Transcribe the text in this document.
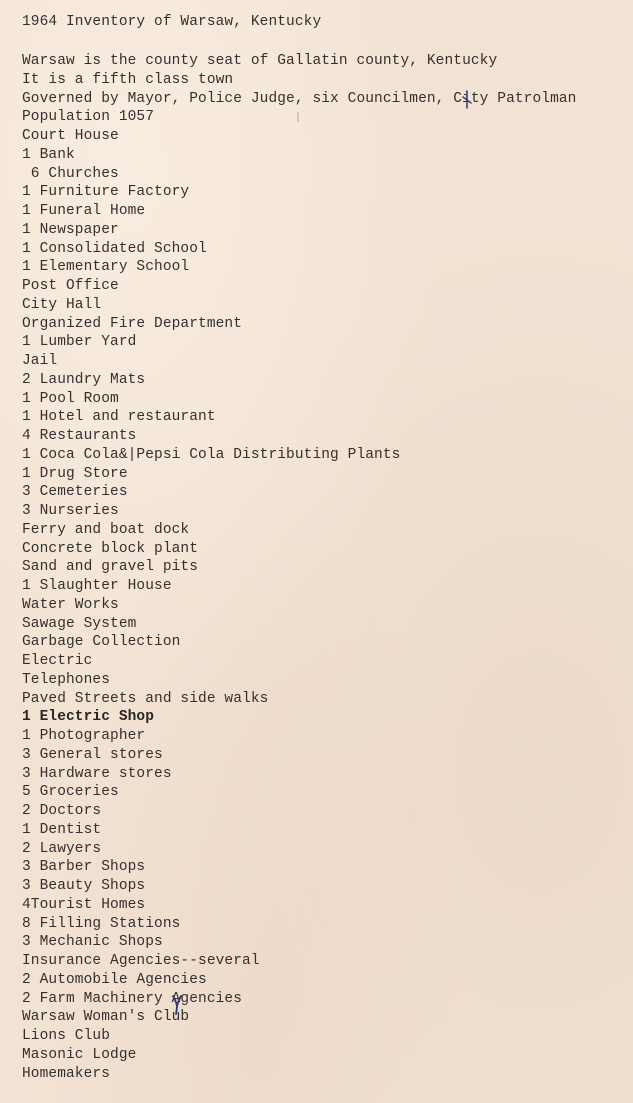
1964 Inventory of Warsaw, Kentucky
Warsaw is the county seat of Gallatin county, Kentucky
It is a fifth class town
Governed by Mayor, Police Judge, six Councilmen, City Patrolman
Population 1057
Court House
1 Bank
6 Churches
1 Furniture Factory
1 Funeral Home
1 Newspaper
1 Consolidated School
1 Elementary School
Post Office
City Hall
Organized Fire Department
1 Lumber Yard
Jail
2 Laundry Mats
1 Pool Room
1 Hotel and restaurant
4 Restaurants
1 Coca Cola&|Pepsi Cola Distributing Plants
1 Drug Store
3 Cemeteries
3 Nurseries
Ferry and boat dock
Concrete block plant
Sand and gravel pits
1 Slaughter House
Water Works
Sawage System
Garbage Collection
Electric
Telephones
Paved Streets and side walks
1 Electric Shop
1 Photographer
3 General stores
3 Hardware stores
5 Groceries
2 Doctors
1 Dentist
2 Lawyers
3 Barber Shops
3 Beauty Shops
4Tourist Homes
8 Filling Stations
3 Mechanic Shops
Insurance Agencies--several
2 Automobile Agencies
2 Farm Machinery Agencies
Warsaw Woman's Club
Lions Club
Masonic Lodge
Homemakers
